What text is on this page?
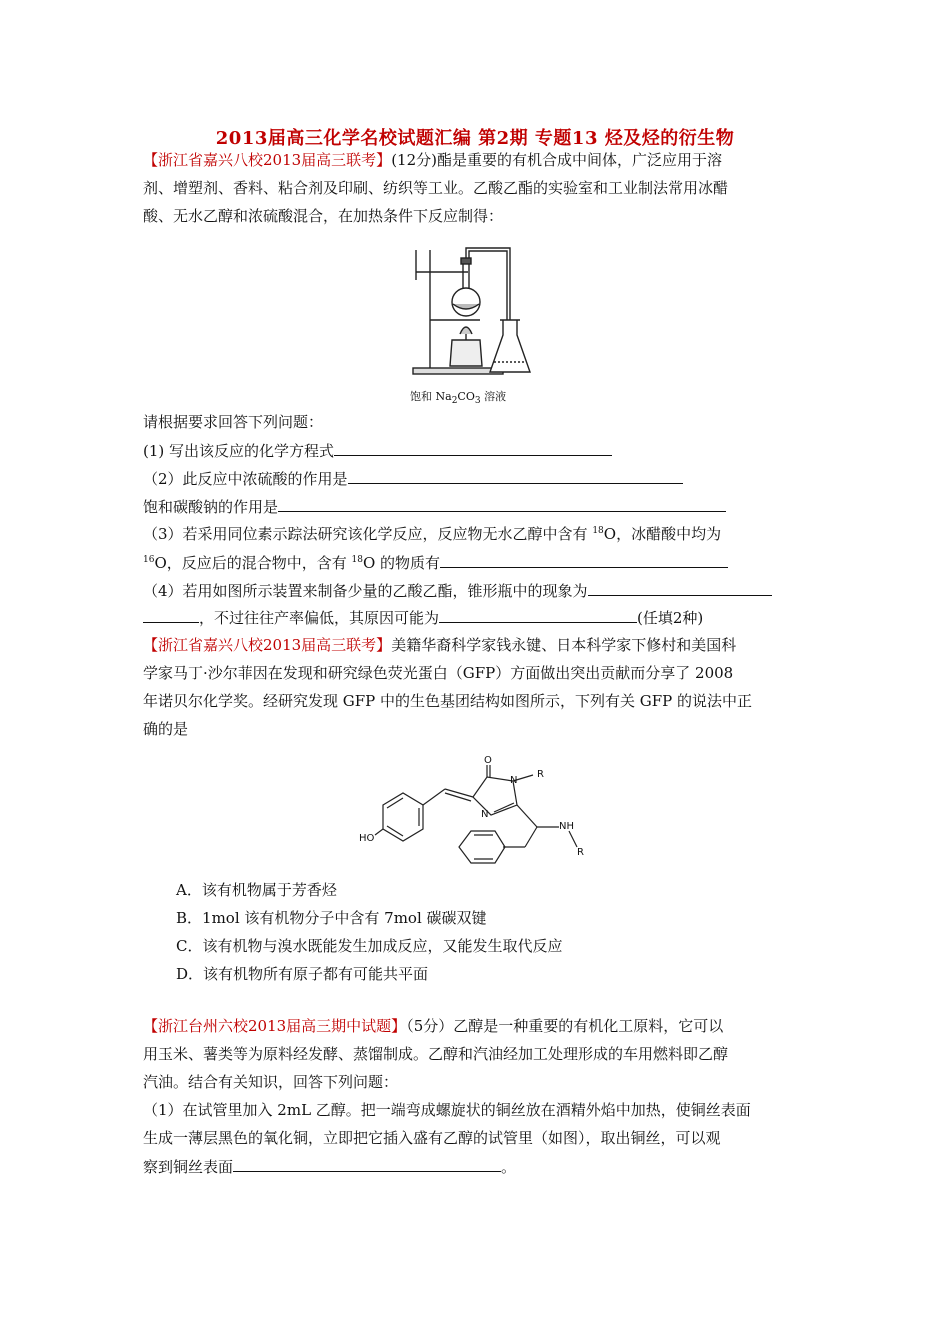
2013届高三化学名校试题汇编 第2期 专题13 烃及烃的衍生物
【浙江省嘉兴八校2013届高三联考】(12分)酯是重要的有机合成中间体，广泛应用于溶
剂、增塑剂、香料、粘合剂及印刷、纺织等工业。乙酸乙酯的实验室和工业制法常用冰醋
酸、无水乙醇和浓硫酸混合，在加热条件下反应制得：
饱和 $Na_2CO_3$ 溶液
请根据要求回答下列问题：
(1) 写出该反应的化学方程式
（2）此反应中浓硫酸的作用是
饱和碳酸钠的作用是
（3）若采用同位素示踪法研究该化学反应，反应物无水乙醇中含有 $^{18}$O，冰醋酸中均为
$^{16}$O，反应后的混合物中，含有 $^{18}$O 的物质有
（4）若用如图所示装置来制备少量的乙酸乙酯，锥形瓶中的现象为
，不过往往产率偏低，其原因可能为	(任填2种)
【浙江省嘉兴八校2013届高三联考】美籍华裔科学家钱永键、日本科学家下修村和美国科
学家马丁·沙尔菲因在发现和研究绿色荧光蛋白（GFP）方面做出突出贡献而分享了 2008
年诺贝尔化学奖。经研究发现 GFP 中的生色基团结构如图所示，下列有关 GFP 的说法中正
确的是
O
N
R
N
NH
R
HO
A．该有机物属于芳香烃
B．1mol 该有机物分子中含有 7mol 碳碳双键
C．该有机物与溴水既能发生加成反应，又能发生取代反应
D．该有机物所有原子都有可能共平面
【浙江台州六校2013届高三期中试题】（5分）乙醇是一种重要的有机化工原料，它可以
用玉米、薯类等为原料经发酵、蒸馏制成。乙醇和汽油经加工处理形成的车用燃料即乙醇
汽油。结合有关知识，回答下列问题：
（1）在试管里加入 2mL 乙醇。把一端弯成螺旋状的铜丝放在酒精外焰中加热，使铜丝表面
生成一薄层黑色的氧化铜，立即把它插入盛有乙醇的试管里（如图），取出铜丝，可以观
察到铜丝表面	。
